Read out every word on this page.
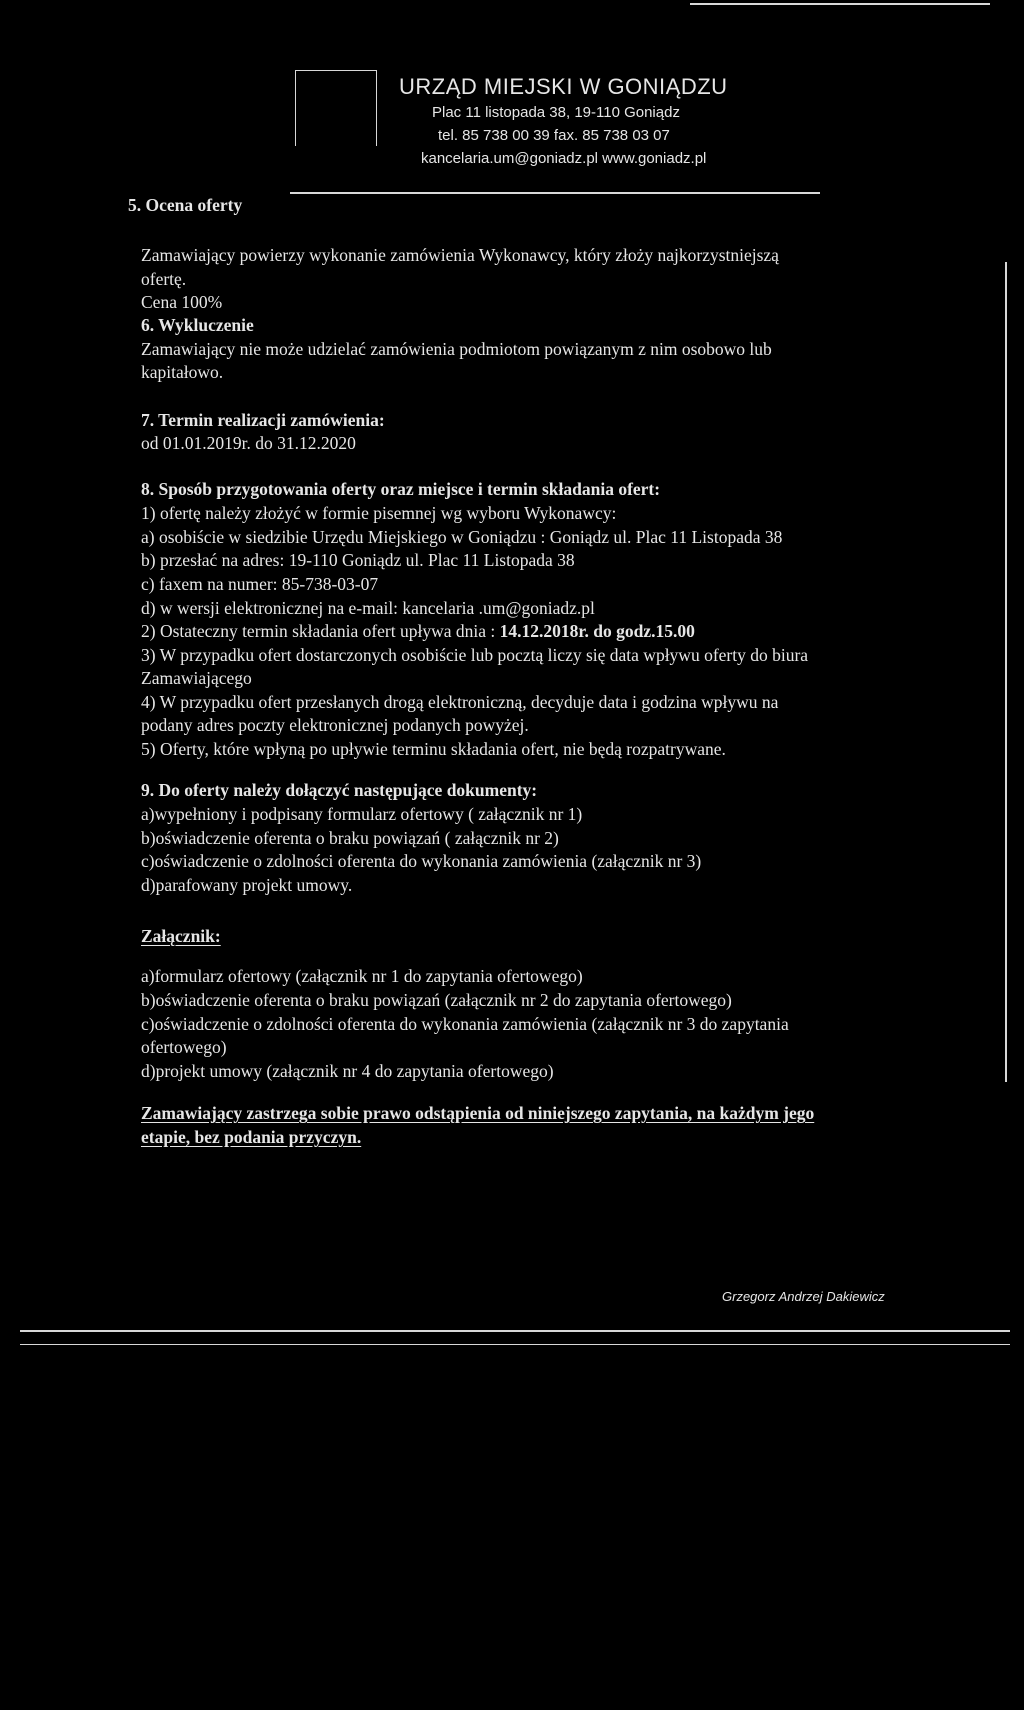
URZĄD MIEJSKI W GONIĄDZU
Plac 11 listopada 38, 19-110 Goniądz
tel. 85 738 00 39 fax. 85 738 03 07
kancelaria.um@goniadz.pl www.goniadz.pl
5. Ocena oferty
Zamawiający powierzy wykonanie zamówienia Wykonawcy, który złoży najkorzystniejszą
ofertę.
Cena 100%
6. Wykluczenie
Zamawiający nie może udzielać zamówienia podmiotom powiązanym z nim osobowo lub
kapitałowo.
7. Termin realizacji zamówienia:
od 01.01.2019r. do 31.12.2020
8. Sposób przygotowania oferty oraz miejsce i termin składania ofert:
1) ofertę należy złożyć w formie pisemnej wg wyboru Wykonawcy:
a) osobiście w siedzibie Urzędu Miejskiego w Goniądzu : Goniądz ul. Plac 11 Listopada 38
b) przesłać na adres: 19-110 Goniądz ul. Plac 11 Listopada 38
c) faxem na numer: 85-738-03-07
d) w wersji elektronicznej na e-mail: kancelaria .um@goniadz.pl
2) Ostateczny termin składania ofert upływa dnia : 14.12.2018r. do godz.15.00
3) W przypadku ofert dostarczonych osobiście lub pocztą liczy się data wpływu oferty do biura
Zamawiającego
4) W przypadku ofert przesłanych drogą elektroniczną, decyduje data i godzina wpływu na
podany adres poczty elektronicznej podanych powyżej.
5) Oferty, które wpłyną po upływie terminu składania ofert, nie będą rozpatrywane.
9. Do oferty należy dołączyć następujące dokumenty:
a)wypełniony i podpisany formularz ofertowy ( załącznik nr 1)
b)oświadczenie oferenta o braku powiązań ( załącznik nr 2)
c)oświadczenie o zdolności oferenta do wykonania zamówienia (załącznik nr 3)
d)parafowany projekt umowy.
Załącznik:
a)formularz ofertowy (załącznik nr 1 do zapytania ofertowego)
b)oświadczenie oferenta o braku powiązań (załącznik nr 2 do zapytania ofertowego)
c)oświadczenie o zdolności oferenta do wykonania zamówienia (załącznik nr 3 do zapytania
ofertowego)
d)projekt umowy (załącznik nr 4 do zapytania ofertowego)
Zamawiający zastrzega sobie prawo odstąpienia od niniejszego zapytania, na każdym jego
etapie, bez podania przyczyn.
Grzegorz Andrzej Dakiewicz
